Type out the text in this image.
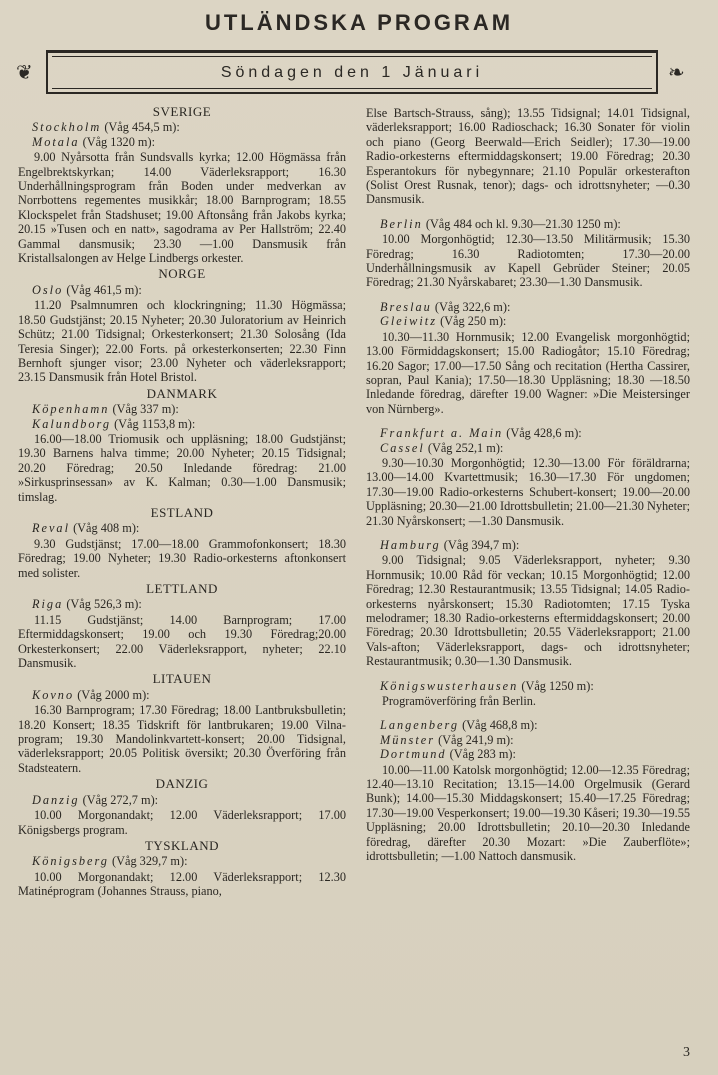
UTLÄNDSKA PROGRAM
❦	Söndagen den 1 Jänuari	❧
SVERIGE
Stockholm (Våg 454,5 m):
Motala (Våg 1320 m):

9.00 Nyårsotta från Sundsvalls kyrka; 12.00 Högmässa från Engelbrektskyrkan; 14.00 Väderleksrapport; 16.30 Underhållningsprogram från Boden under medverkan av Norrbottens regementes musikkår; 18.00 Barnprogram; 18.55 Klockspelet från Stadshuset; 19.00 Aftonsång från Jakobs kyrka; 20.15 »Tusen och en natt», sagodrama av Per Hallström; 22.40 Gammal dansmusik; 23.30 —1.00 Dansmusik från Kristallsalongen av Helge Lindbergs orkester.

NORGE
Oslo (Våg 461,5 m):

11.20 Psalmnumren och klockringning; 11.30 Högmässa; 18.50 Gudstjänst; 20.15 Nyheter; 20.30 Juloratorium av Heinrich Schütz; 21.00 Tidsignal; Orkesterkonsert; 21.30 Solosång (Ida Teresia Singer); 22.00 Forts. på orkesterkonserten; 22.30 Finn Bernhoft sjunger visor; 23.00 Nyheter och väderleksrapport; 23.15 Dansmusik från Hotel Bristol.

DANMARK
Köpenhamn (Våg 337 m):
Kalundborg (Våg 1153,8 m):

16.00—18.00 Triomusik och uppläsning; 18.00 Gudstjänst; 19.30 Barnens halva timme; 20.00 Nyheter; 20.15 Tidsignal; 20.20 Föredrag; 20.50 Inledande föredrag: 21.00 »Sirkusprinsessan» av K. Kalman; 0.30—1.00 Dansmusik; timslag.

ESTLAND
Reval (Våg 408 m):

9.30 Gudstjänst; 17.00—18.00 Grammofonkonsert; 18.30 Föredrag; 19.00 Nyheter; 19.30 Radio-orkesterns aftonkonsert med solister.

LETTLAND
Riga (Våg 526,3 m):

11.15 Gudstjänst; 14.00 Barnprogram; 17.00 Eftermiddagskonsert; 19.00 och 19.30 Föredrag;20.00 Orkesterkonsert; 22.00 Väderleksrapport, nyheter; 22.10 Dansmusik.

LITAUEN
Kovno (Våg 2000 m):

16.30 Barnprogram; 17.30 Föredrag; 18.00 Lantbruksbulletin; 18.20 Konsert; 18.35 Tidskrift för lantbrukaren; 19.00 Vilna-program; 19.30 Mandolinkvartett-konsert; 20.00 Tidsignal, väderleksrapport; 20.05 Politisk översikt; 20.30 Överföring från Stadsteatern.

DANZIG
Danzig (Våg 272,7 m):

10.00 Morgonandakt; 12.00 Väderleksrapport; 17.00 Königsbergs program.

TYSKLAND
Königsberg (Våg 329,7 m):

10.00 Morgonandakt; 12.00 Väderleksrapport; 12.30 Matinéprogram (Johannes Strauss, piano,

Else Bartsch-Strauss, sång); 13.55 Tidsignal; 14.01 Tidsignal, väderleksrapport; 16.00 Radioschack; 16.30 Sonater för violin och piano (Georg Beerwald—Erich Seidler); 17.30—19.00 Radio-orkesterns eftermiddagskonsert; 19.00 Föredrag; 20.30 Esperantokurs för nybegynnare; 21.10 Populär orkesterafton (Solist Orest Rusnak, tenor); dags- och idrottsnyheter; —0.30 Dansmusik.

Berlin (Våg 484 och kl. 9.30—21.30 1250 m):

10.00 Morgonhögtid; 12.30—13.50 Militärmusik; 15.30 Föredrag; 16.30 Radiotomten; 17.30—20.00 Underhållningsmusik av Kapell Gebrüder Steiner; 20.05 Föredrag; 21.30 Nyårskabaret; 23.30—1.30 Dansmusik.

Breslau (Våg 322,6 m):
Gleiwitz (Våg 250 m):

10.30—11.30 Hornmusik; 12.00 Evangelisk morgonhögtid; 13.00 Förmiddagskonsert; 15.00 Radiogåtor; 15.10 Föredrag; 16.20 Sagor; 17.00—17.50 Sång och recitation (Hertha Cassirer, sopran, Paul Kania); 17.50—18.30 Uppläsning; 18.30 —18.50 Inledande föredrag, därefter 19.00 Wagner: »Die Meistersinger von Nürnberg».

Frankfurt a. Main (Våg 428,6 m):
Cassel (Våg 252,1 m):

9.30—10.30 Morgonhögtid; 12.30—13.00 För föräldrarna; 13.00—14.00 Kvartettmusik; 16.30—17.30 För ungdomen; 17.30—19.00 Radio-orkesterns Schubert-konsert; 19.00—20.00 Uppläsning; 20.30—21.00 Idrottsbulletin; 21.00—21.30 Nyheter; 21.30 Nyårskonsert; —1.30 Dansmusik.

Hamburg (Våg 394,7 m):

9.00 Tidsignal; 9.05 Väderleksrapport, nyheter; 9.30 Hornmusik; 10.00 Råd för veckan; 10.15 Morgonhögtid; 12.00 Föredrag; 12.30 Restaurantmusik; 13.55 Tidsignal; 14.05 Radio-orkesterns nyårskonsert; 15.30 Radiotomten; 17.15 Tyska melodramer; 18.30 Radio-orkesterns eftermiddagskonsert; 20.00 Föredrag; 20.30 Idrottsbulletin; 20.55 Väderleksrapport; 21.00 Vals-afton; Väderleksrapport, dags- och idrottsnyheter; Restaurantmusik; 0.30—1.30 Dansmusik.

Königswusterhausen (Våg 1250 m):

Programöverföring från Berlin.

Langenberg (Våg 468,8 m):
Münster (Våg 241,9 m):
Dortmund (Våg 283 m):

10.00—11.00 Katolsk morgonhögtid; 12.00—12.35 Föredrag; 12.40—13.10 Recitation; 13.15—14.00 Orgelmusik (Gerard Bunk); 14.00—15.30 Middagskonsert; 15.40—17.25 Föredrag; 17.30—19.00 Vesperkonsert; 19.00—19.30 Kåseri; 19.30—19.55 Uppläsning; 20.00 Idrottsbulletin; 20.10—20.30 Inledande föredrag, därefter 20.30 Mozart: »Die Zauberflöte»; idrottsbulletin; —1.00 Nattoch dansmusik.

3
